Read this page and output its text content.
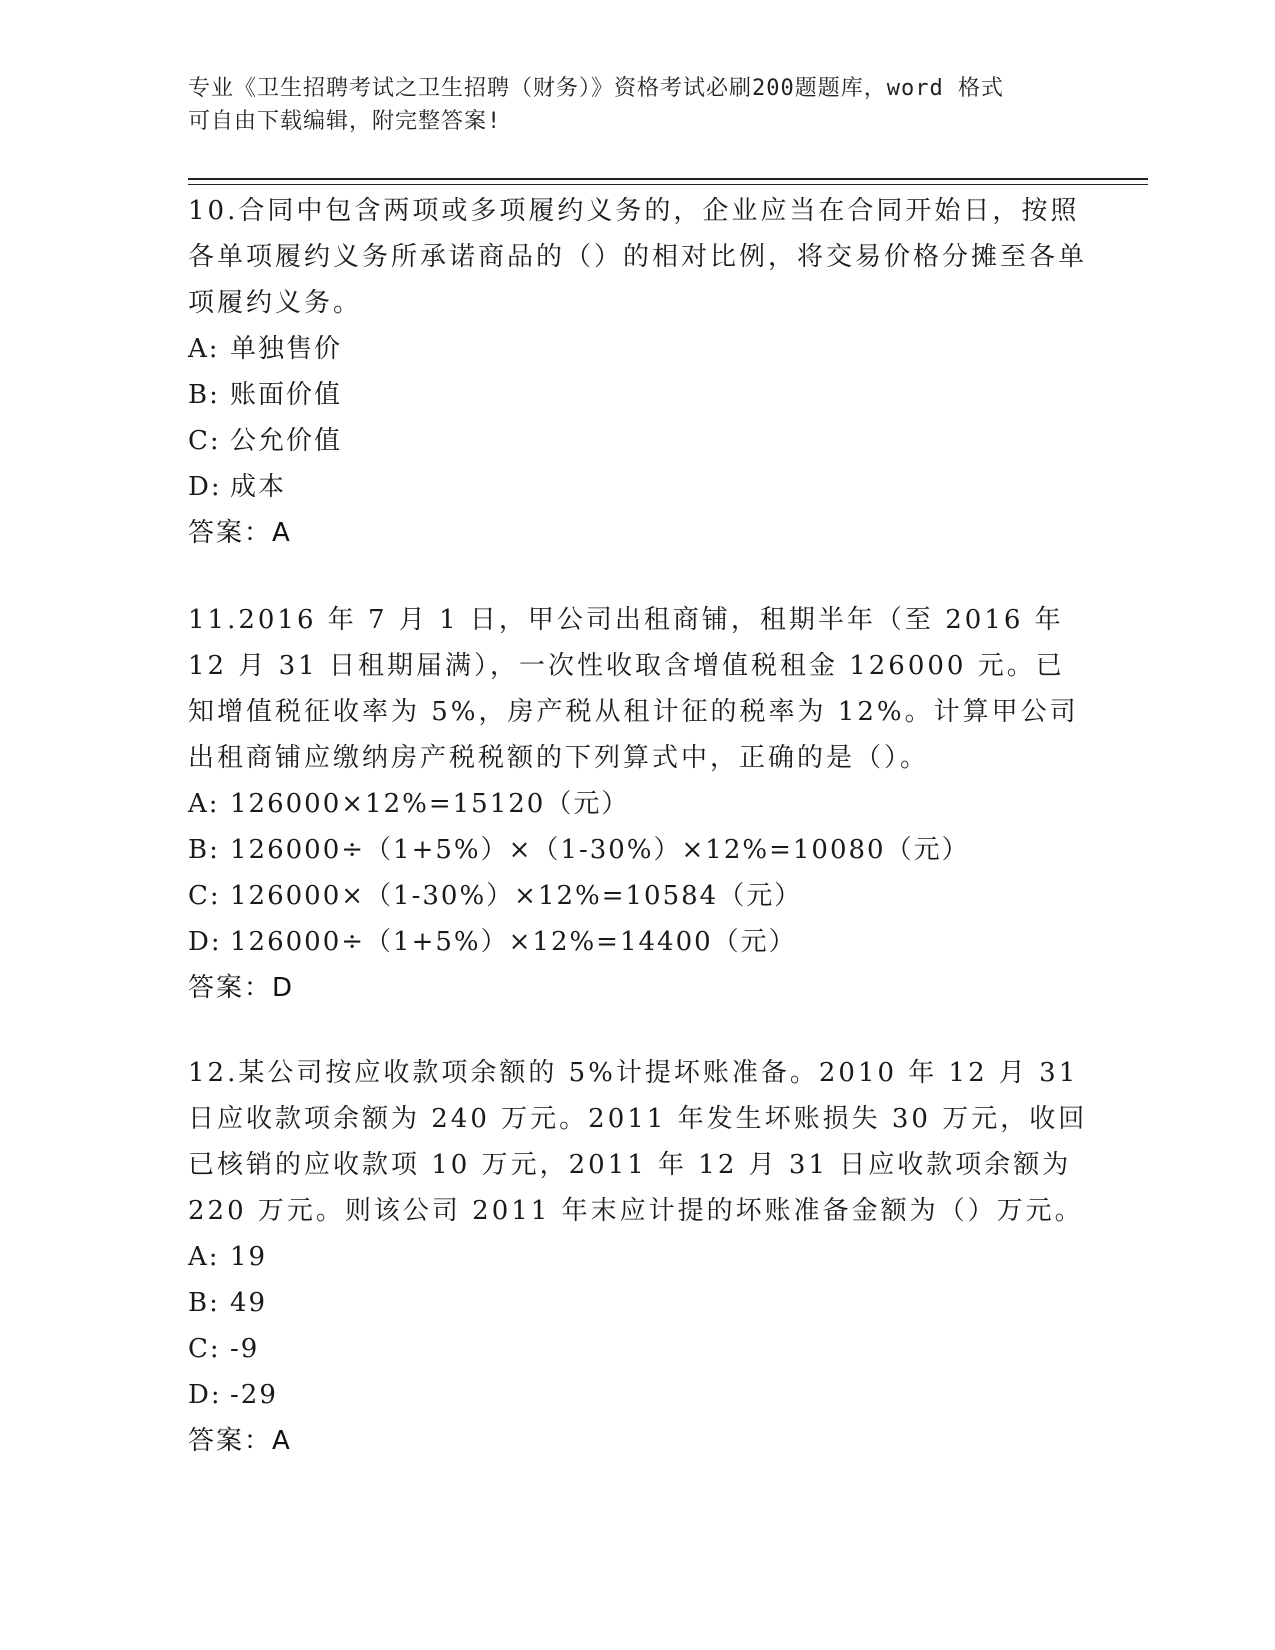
专业《卫生招聘考试之卫生招聘（财务）》资格考试必刷200题题库，word 格式
可自由下载编辑，附完整答案!

10.合同中包含两项或多项履约义务的，企业应当在合同开始日，按照各单项履约义务所承诺商品的（）的相对比例，将交易价格分摊至各单项履约义务。

A: 单独售价

B: 账面价值

C: 公允价值

D: 成本

答案：A

11.2016 年 7 月 1 日，甲公司出租商铺，租期半年（至 2016 年 12 月 31 日租期届满），一次性收取含增值税租金 126000 元。已知增值税征收率为 5%，房产税从租计征的税率为 12%。计算甲公司出租商铺应缴纳房产税税额的下列算式中，正确的是（）。

A: 126000×12%=15120（元）

B: 126000÷（1+5%）×（1-30%）×12%=10080（元）

C: 126000×（1-30%）×12%=10584（元）

D: 126000÷（1+5%）×12%=14400（元）

答案：D

12.某公司按应收款项余额的 5%计提坏账准备。2010 年 12 月 31 日应收款项余额为 240 万元。2011 年发生坏账损失 30 万元，收回已核销的应收款项 10 万元，2011 年 12 月 31 日应收款项余额为 220 万元。则该公司 2011 年末应计提的坏账准备金额为（）万元。

A: 19

B: 49

C: -9

D: -29

答案：A
